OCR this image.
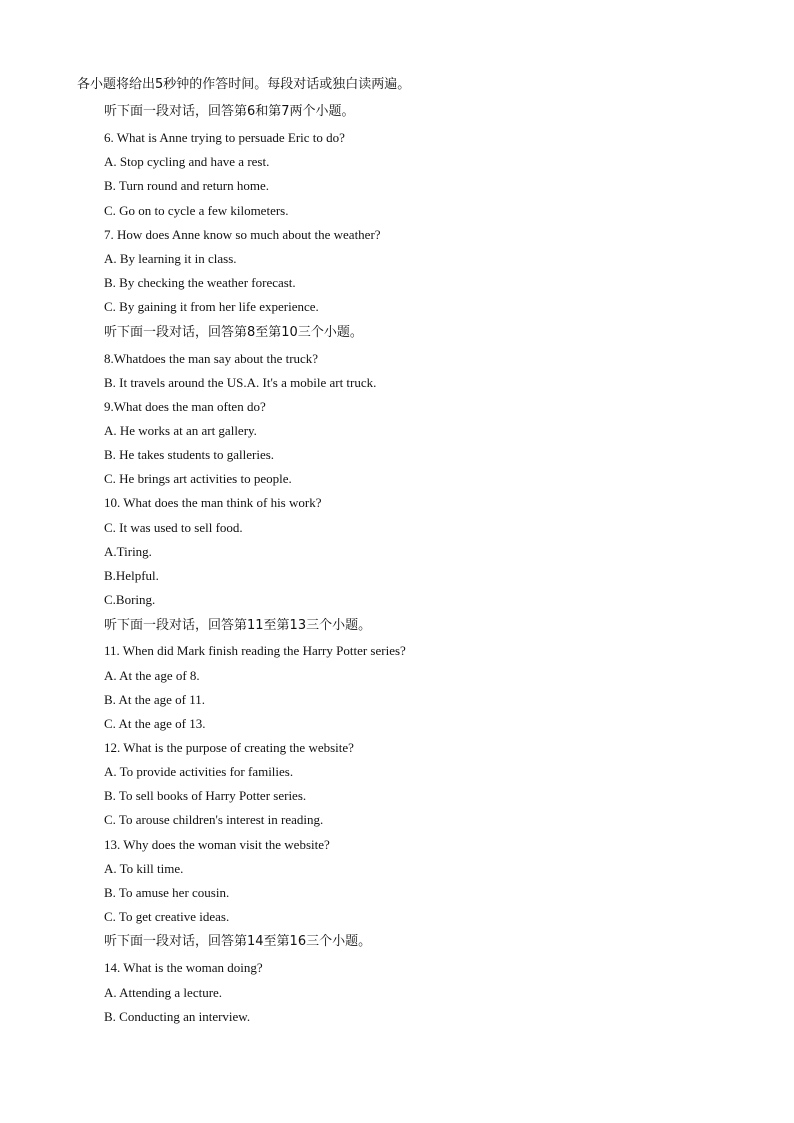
各小题将给出5秒钟的作答时间。每段对话或独白读两遍。
听下面一段对话，回答第6和第7两个小题。
6. What is Anne trying to persuade Eric to do?
A. Stop cycling and have a rest.
B. Turn round and return home.
C. Go on to cycle a few kilometers.
7. How does Anne know so much about the weather?
A. By learning it in class.
B. By checking the weather forecast.
C. By gaining it from her life experience.
听下面一段对话，回答第8至第10三个小题。
8.Whatdoes the man say about the truck?
B. It travels around the US.A. It's a mobile art truck.
9.What does the man often do?
A. He works at an art gallery.
B. He takes students to galleries.
C. He brings art activities to people.
10. What does the man think of his work?
C. It was used to sell food.
A.Tiring.
B.Helpful.
C.Boring.
听下面一段对话，回答第11至第13三个小题。
11. When did Mark finish reading the Harry Potter series?
A. At the age of 8.
B. At the age of 11.
C. At the age of 13.
12. What is the purpose of creating the website?
A. To provide activities for families.
B. To sell books of Harry Potter series.
C. To arouse children's interest in reading.
13. Why does the woman visit the website?
A. To kill time.
B. To amuse her cousin.
C. To get creative ideas.
听下面一段对话，回答第14至第16三个小题。
14. What is the woman doing?
A. Attending a lecture.
B. Conducting an interview.
